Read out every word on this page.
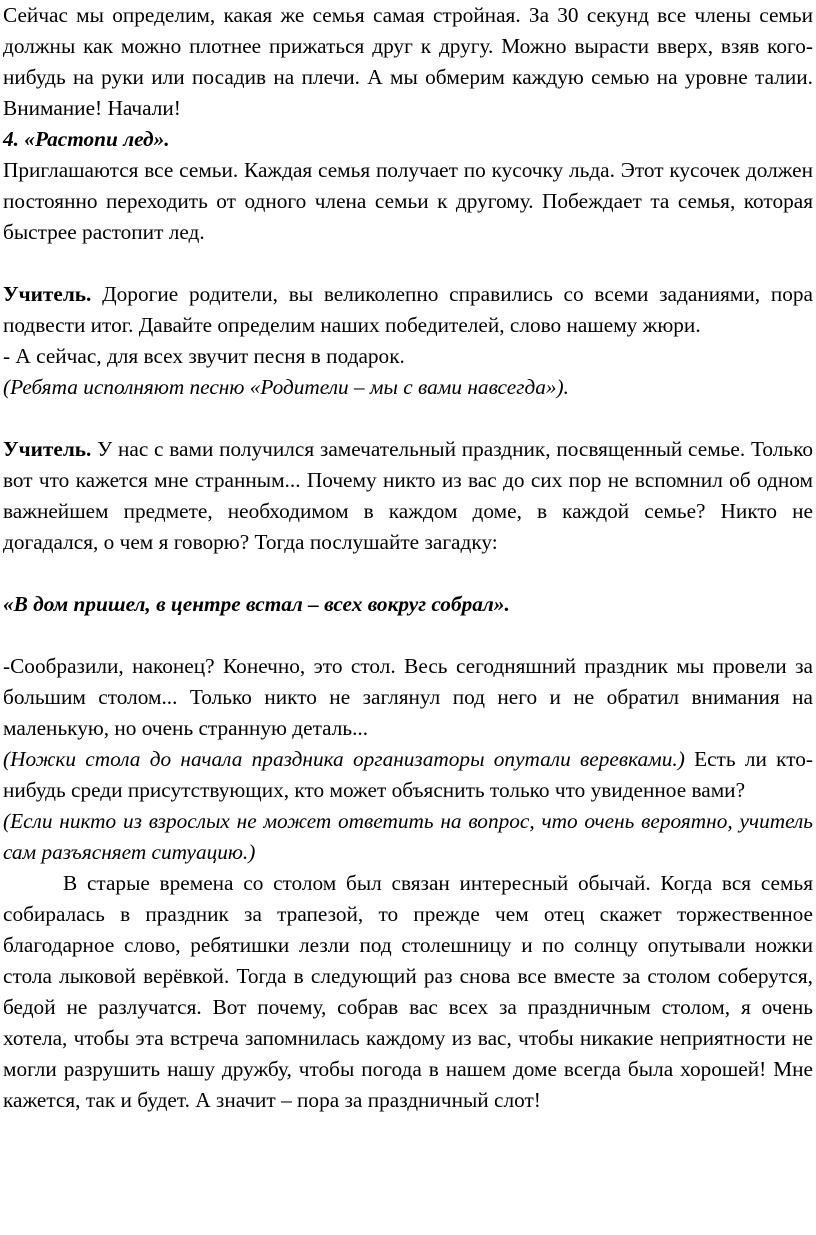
Сейчас мы определим, какая же семья самая стройная. За 30 секунд все члены семьи должны как можно плотнее прижаться друг к другу. Можно вырасти вверх, взяв кого-нибудь на руки или посадив на плечи. А мы обмерим каждую семью на уровне талии. Внимание! Начали!

4. «Растопи лед».

Приглашаются все семьи. Каждая семья получает по кусочку льда. Этот кусочек должен постоянно переходить от одного члена семьи к другому. Побеждает та семья, которая быстрее растопит лед.

Учитель. Дорогие родители, вы великолепно справились со всеми заданиями, пора подвести итог. Давайте определим наших победителей, слово нашему жюри.

- А сейчас, для всех звучит песня в подарок.

(Ребята исполняют песню «Родители – мы с вами навсегда»).

Учитель. У нас с вами получился замечательный праздник, посвященный семье. Только вот что кажется мне странным... Почему никто из вас до сих пор не вспомнил об одном важнейшем предмете, необходимом в каждом доме, в каждой семье? Никто не догадался, о чем я говорю? Тогда послушайте загадку:

«В дом пришел, в центре встал – всех вокруг собрал».

-Сообразили, наконец? Конечно, это стол. Весь сегодняшний праздник мы провели за большим столом... Только никто не заглянул под него и не обратил внимания на маленькую, но очень странную деталь...

(Ножки стола до начала праздника организаторы опутали веревками.) Есть ли кто-нибудь среди присутствующих, кто может объяснить только что увиденное вами?

(Если никто из взрослых не может ответить на вопрос, что очень вероятно, учитель сам разъясняет ситуацию.)

В старые времена со столом был связан интересный обычай. Когда вся семья собиралась в праздник за трапезой, то прежде чем отец скажет торжественное благодарное слово, ребятишки лезли под столешницу и по солнцу опутывали ножки стола лыковой верёвкой. Тогда в следующий раз снова все вместе за столом соберутся, бедой не разлучатся. Вот почему, собрав вас всех за праздничным столом, я очень хотела, чтобы эта встреча запомнилась каждому из вас, чтобы никакие неприятности не могли разрушить нашу дружбу, чтобы погода в нашем доме всегда была хорошей! Мне кажется, так и будет. А значит – пора за праздничный слот!
